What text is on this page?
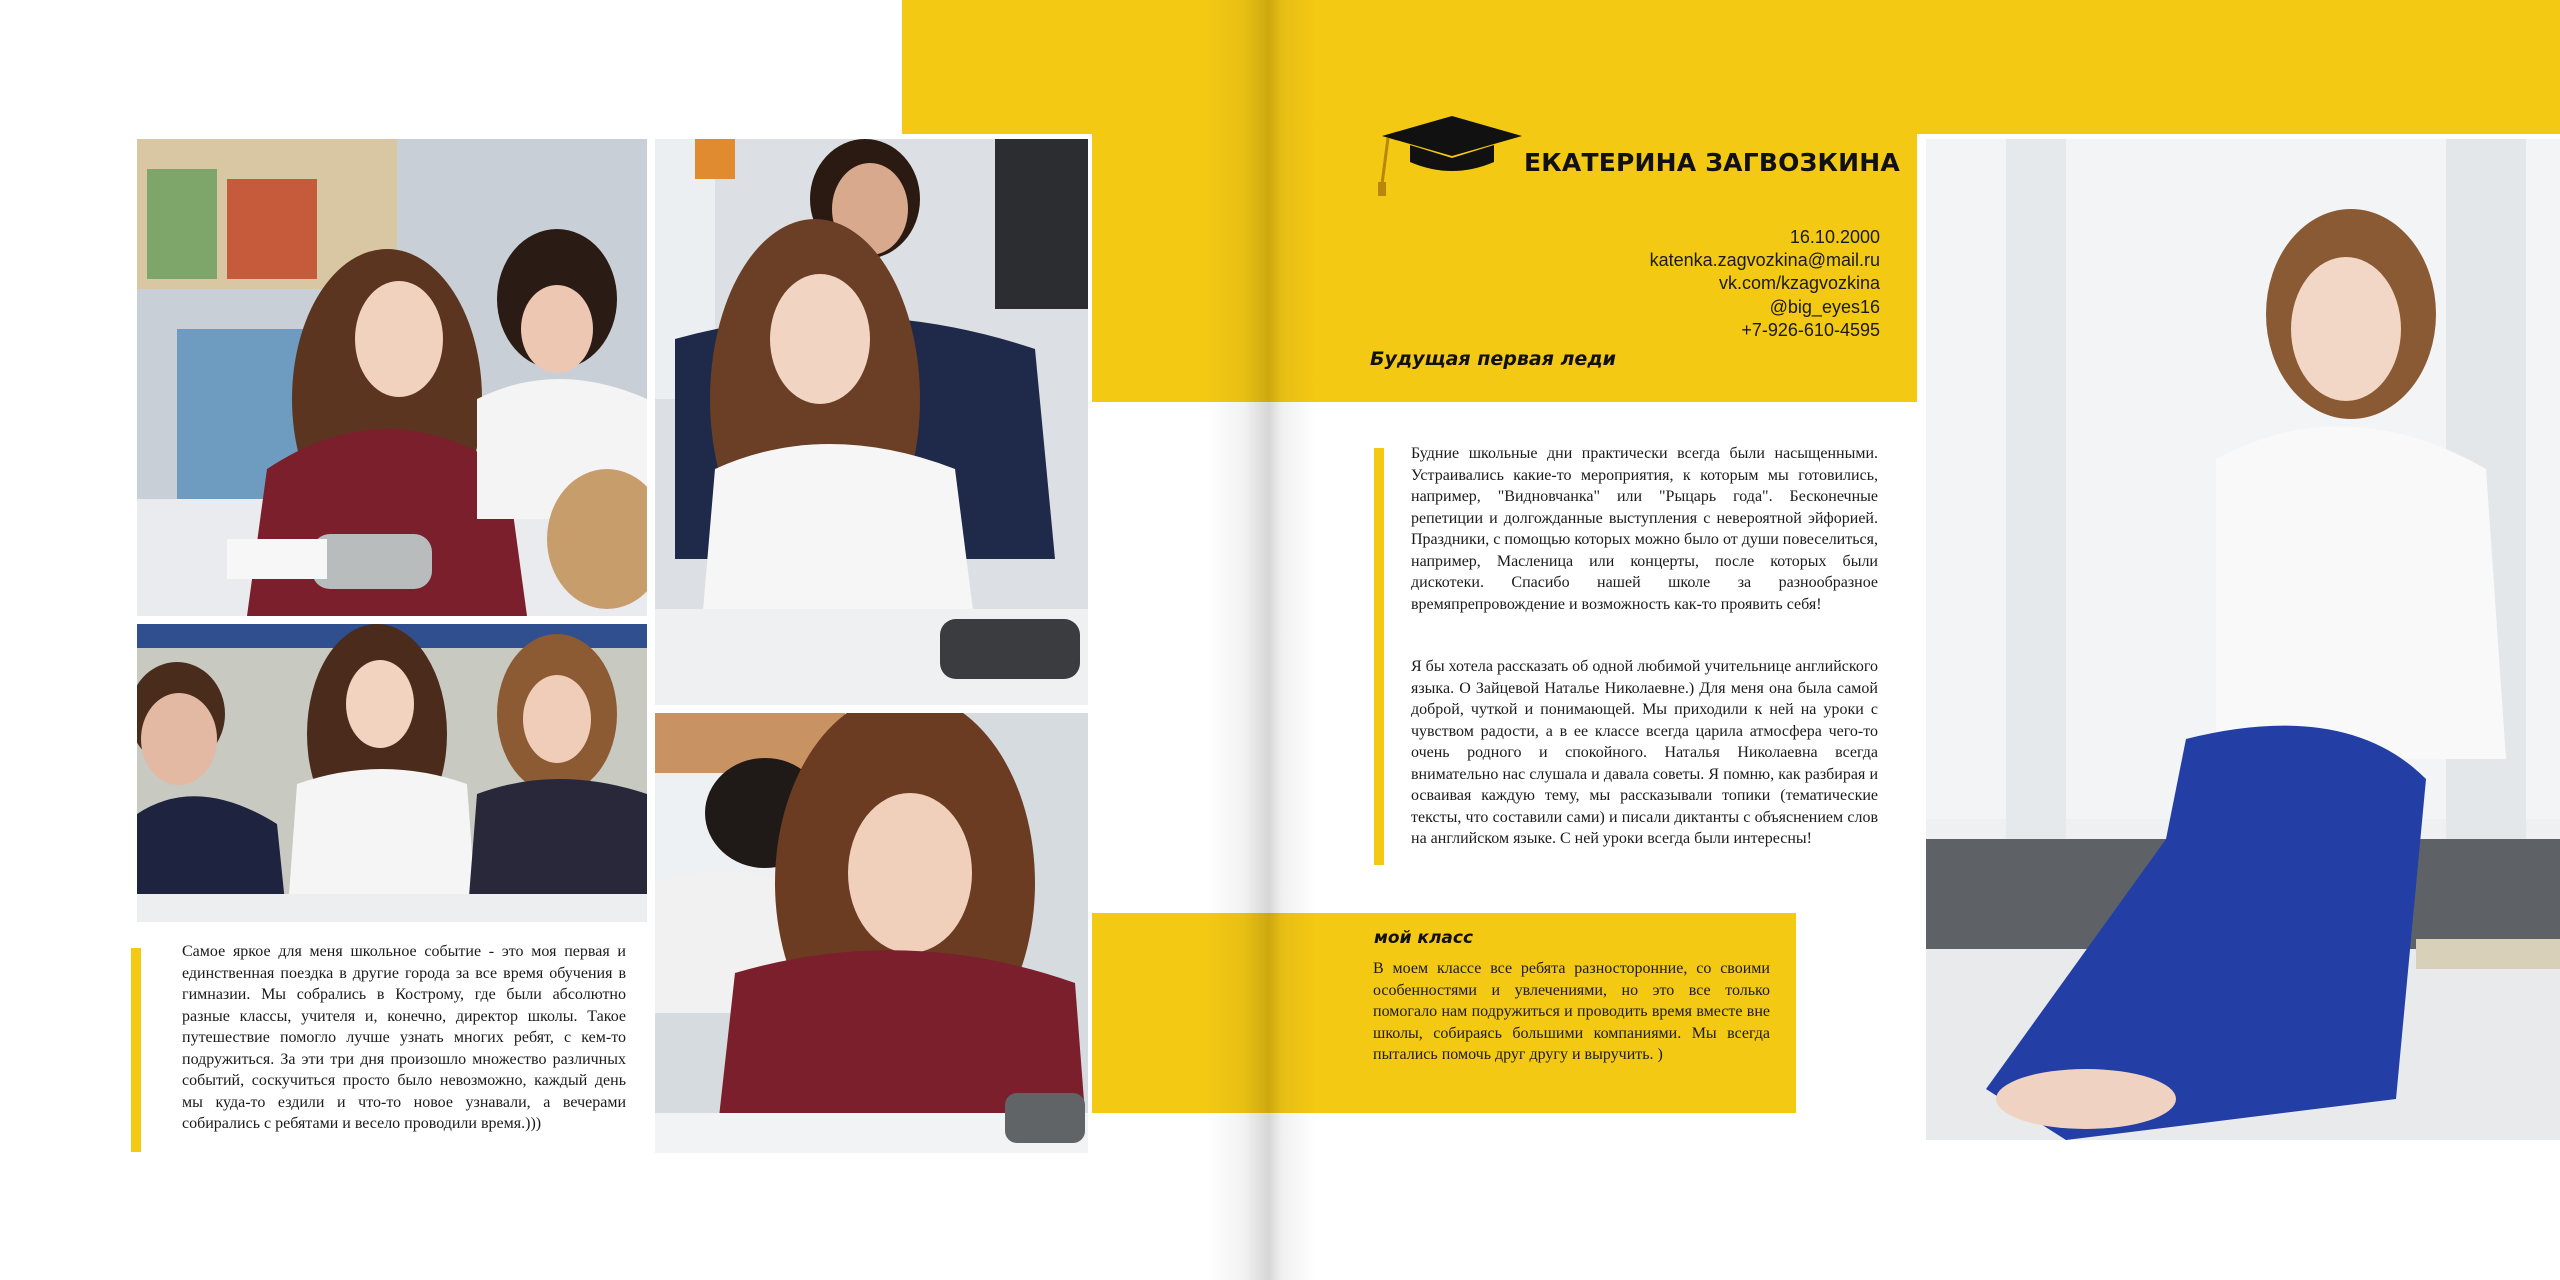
Самое яркое для меня школьное событие - это моя первая и единственная поездка в другие города за все время обучения в гимназии. Мы собрались в Кострому, где были абсолютно разные классы, учителя и, конечно, директор школы. Такое путешествие помогло лучше узнать многих ребят, с кем-то подружиться. За эти три дня произошло множество различных событий, соскучиться просто было невозможно, каждый день мы куда-то ездили и что-то новое узнавали, а вечерами собирались с ребятами и весело проводили время.)))
ЕКАТЕРИНА ЗАГВОЗКИНА
16.10.2000
katenka.zagvozkina@mail.ru
vk.com/kzagvozkina
@big_eyes16
+7-926-610-4595
Будущая первая леди
Будние школьные дни практически всегда были насыщенными. Устраивались какие-то мероприятия, к которым мы готовились, например, "Видновчанка" или "Рыцарь года". Бесконечные репетиции и долгожданные выступления с невероятной эйфорией. Праздники, с помощью которых можно было от души повеселиться, например, Масленица или концерты, после которых были дискотеки. Спасибо нашей школе за разнообразное времяпрепровождение и возможность как-то проявить себя!
Я бы хотела рассказать об одной любимой учительнице английского языка. О Зайцевой Наталье Николаевне.) Для меня она была самой доброй, чуткой и понимающей. Мы приходили к ней на уроки с чувством радости, а в ее классе всегда царила атмосфера чего-то очень родного и спокойного. Наталья Николаевна всегда внимательно нас слушала и давала советы. Я помню, как разбирая и осваивая каждую тему, мы рассказывали топики (тематические тексты, что составили сами) и писали диктанты с объяснением слов на английском языке. С ней уроки всегда были интересны!
мой класс
В моем классе все ребята разносторонние, со своими особенностями и увлечениями, но это все только помогало нам подружиться и проводить время вместе вне школы, собираясь большими компаниями. Мы всегда пытались помочь друг другу и выручить. )
